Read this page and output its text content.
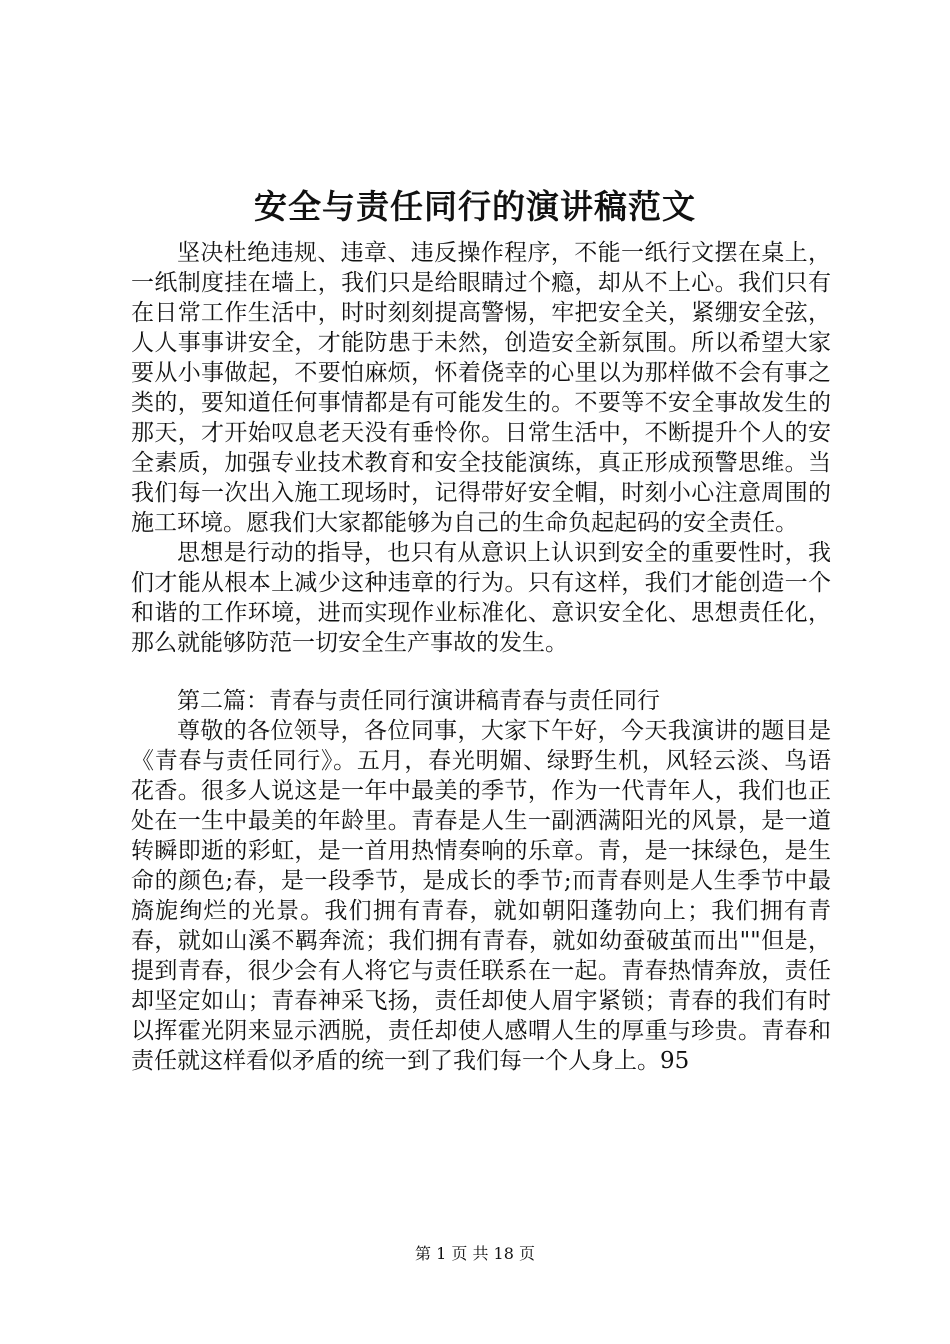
安全与责任同行的演讲稿范文

坚决杜绝违规、违章、违反操作程序，不能一纸行文摆在桌上，一纸制度挂在墙上，我们只是给眼睛过个瘾，却从不上心。我们只有在日常工作生活中，时时刻刻提高警惕，牢把安全关，紧绷安全弦，人人事事讲安全，才能防患于未然，创造安全新氛围。所以希望大家要从小事做起，不要怕麻烦，怀着侥幸的心里以为那样做不会有事之类的，要知道任何事情都是有可能发生的。不要等不安全事故发生的那天，才开始叹息老天没有垂怜你。日常生活中，不断提升个人的安全素质，加强专业技术教育和安全技能演练，真正形成预警思维。当我们每一次出入施工现场时，记得带好安全帽，时刻小心注意周围的施工环境。愿我们大家都能够为自己的生命负起起码的安全责任。

思想是行动的指导，也只有从意识上认识到安全的重要性时，我们才能从根本上减少这种违章的行为。只有这样，我们才能创造一个和谐的工作环境，进而实现作业标准化、意识安全化、思想责任化，那么就能够防范一切安全生产事故的发生。

第二篇：青春与责任同行演讲稿青春与责任同行

尊敬的各位领导，各位同事，大家下午好，今天我演讲的题目是《青春与责任同行》。五月，春光明媚、绿野生机，风轻云淡、鸟语花香。很多人说这是一年中最美的季节，作为一代青年人，我们也正处在一生中最美的年龄里。青春是人生一副洒满阳光的风景，是一道转瞬即逝的彩虹，是一首用热情奏响的乐章。青，是一抹绿色，是生命的颜色;春，是一段季节，是成长的季节;而青春则是人生季节中最旖旎绚烂的光景。我们拥有青春，就如朝阳蓬勃向上；我们拥有青春，就如山溪不羁奔流；我们拥有青春，就如幼蚕破茧而出""但是，提到青春，很少会有人将它与责任联系在一起。青春热情奔放，责任却坚定如山；青春神采飞扬，责任却使人眉宇紧锁；青春的我们有时以挥霍光阴来显示洒脱，责任却使人感喟人生的厚重与珍贵。青春和责任就这样看似矛盾的统一到了我们每一个人身上。95

第 1 页 共 18 页
